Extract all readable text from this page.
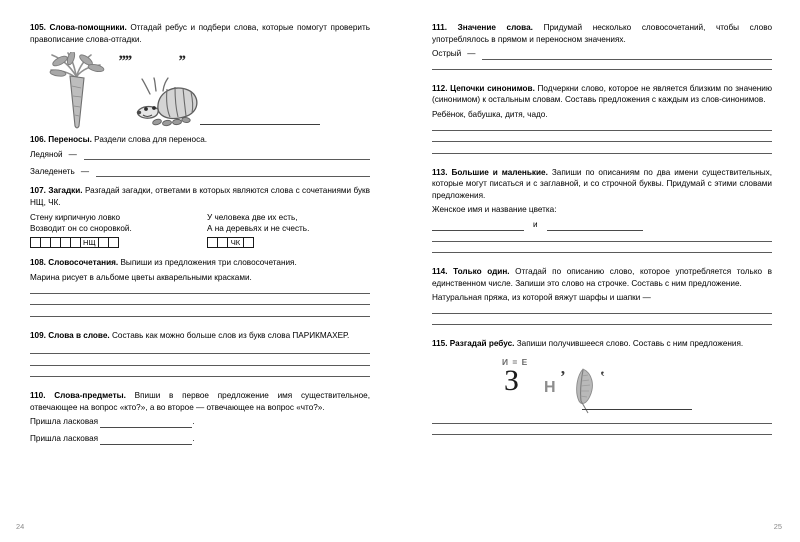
105. Слова-помощники. Отгадай ребус и подбери слова, которые помогут проверить правописание слова-отгадки.

’’’’	’’

106. Переносы. Раздели слова для переноса.

Ледяной —
Заледенеть —

107. Загадки. Разгадай загадки, ответами в которых являются слова с сочетаниями букв НЩ, ЧК.

Стену кирпичную ловко
Возводит он со сноровкой.
НЩ
У человека две их есть,
А на деревьях и не счесть.
ЧК

108. Словосочетания. Выпиши из предложения три словосочетания.

Марина рисует в альбоме цветы акварельными красками.

109. Слова в слове. Составь как можно больше слов из букв слова ПАРИКМАХЕР.

110. Слова-предметы. Впиши в первое предложение имя существительное, отвечающее на вопрос «кто?», а во второе — отвечающее на вопрос «что?».

Пришла ласковая	.

Пришла ласковая	.

24

111. Значение слова. Придумай несколько словосочетаний, чтобы слово употреблялось в прямом и переносном значениях.

Острый —

112. Цепочки синонимов. Подчеркни слово, которое не является близким по значению (синонимом) к остальным словам. Составь предложения с каждым из слов-синонимов.

Ребёнок, бабушка, дитя, чадо.

113. Большие и маленькие. Запиши по описаниям по два имени существительных, которые могут писаться и с заглавной, и со строчной буквы. Придумай с этими словами предложения.

Женское имя и название цветка:

и

114. Только один. Отгадай по описанию слово, которое употребляется только в единственном числе. Запиши это слово на строчке. Составь с ним предложение.

Натуральная пряжа, из которой вяжут шарфы и шапки —

115. Разгадай ребус. Запиши получившееся слово. Составь с ним предложения.

И = Е
З Н
’ ’
25
